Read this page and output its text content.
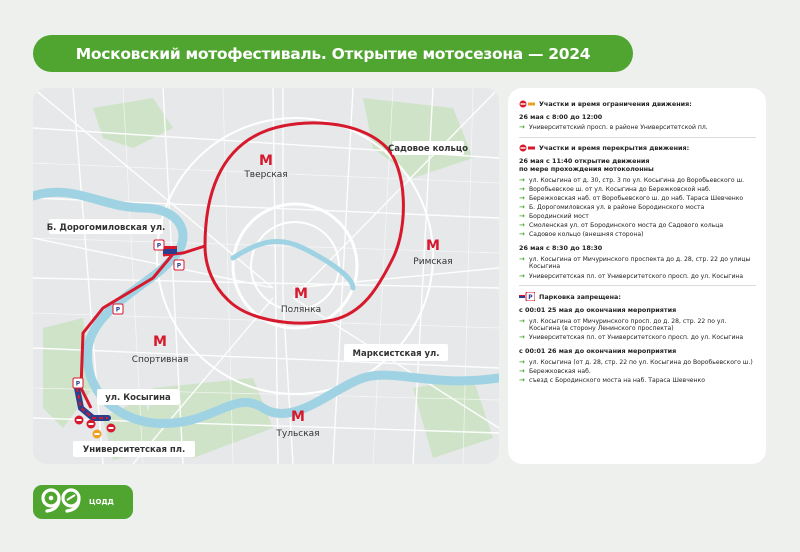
Московский мотофестиваль. Открытие мотосезона — 2024
P
P
P
P
М
Тверская
М
Римская
М
Полянка
М
Спортивная
М
Тульская
Садовое кольцо
Б. Дорогомиловская ул.
Марксистская ул.
ул. Косыгина
Университетская пл.
Участки и время ограничения движения:
26 мая с 8:00 до 12:00
→ Университетский просп. в районе Университетской пл.
Участки и время перекрытия движения:
26 мая с 11:40 открытие движения
по мере прохождения мотоколонны
→ ул. Косыгина от д. 30, стр. 3 по ул. Косыгина до Воробьевского ш.
→ Воробьевское ш. от ул. Косыгина до Бережковской наб.
→ Бережковская наб. от Воробьевского ш. до наб. Тараса Шевченко
→ Б. Дорогомиловская ул. в районе Бородинского моста
→ Бородинский мост
→ Смоленская ул. от Бородинского моста до Садового кольца
→ Садовое кольцо (внешняя сторона)
26 мая с 8:30 до 18:30
→ ул. Косыгина от Мичуринского проспекта до д. 28, стр. 22 до улицы Косыгина
→ Университетская пл. от Университетского просп. до ул. Косыгина
P Парковка запрещена:
с 00:01 25 мая до окончания мероприятия
→ ул. Косыгина от Мичуринского просп. до д. 28, стр. 22 по ул. Косыгина (в сторону Ленинского проспекта)
→ Университетская пл. от Университетского просп. до ул. Косыгина
с 00:01 26 мая до окончания мероприятия
→ ул. Косыгина (от д. 28, стр. 22 по ул. Косыгина до Воробьевского ш.)
→ Бережковская наб.
→ съезд с Бородинского моста на наб. Тараса Шевченко
ЦОДД
